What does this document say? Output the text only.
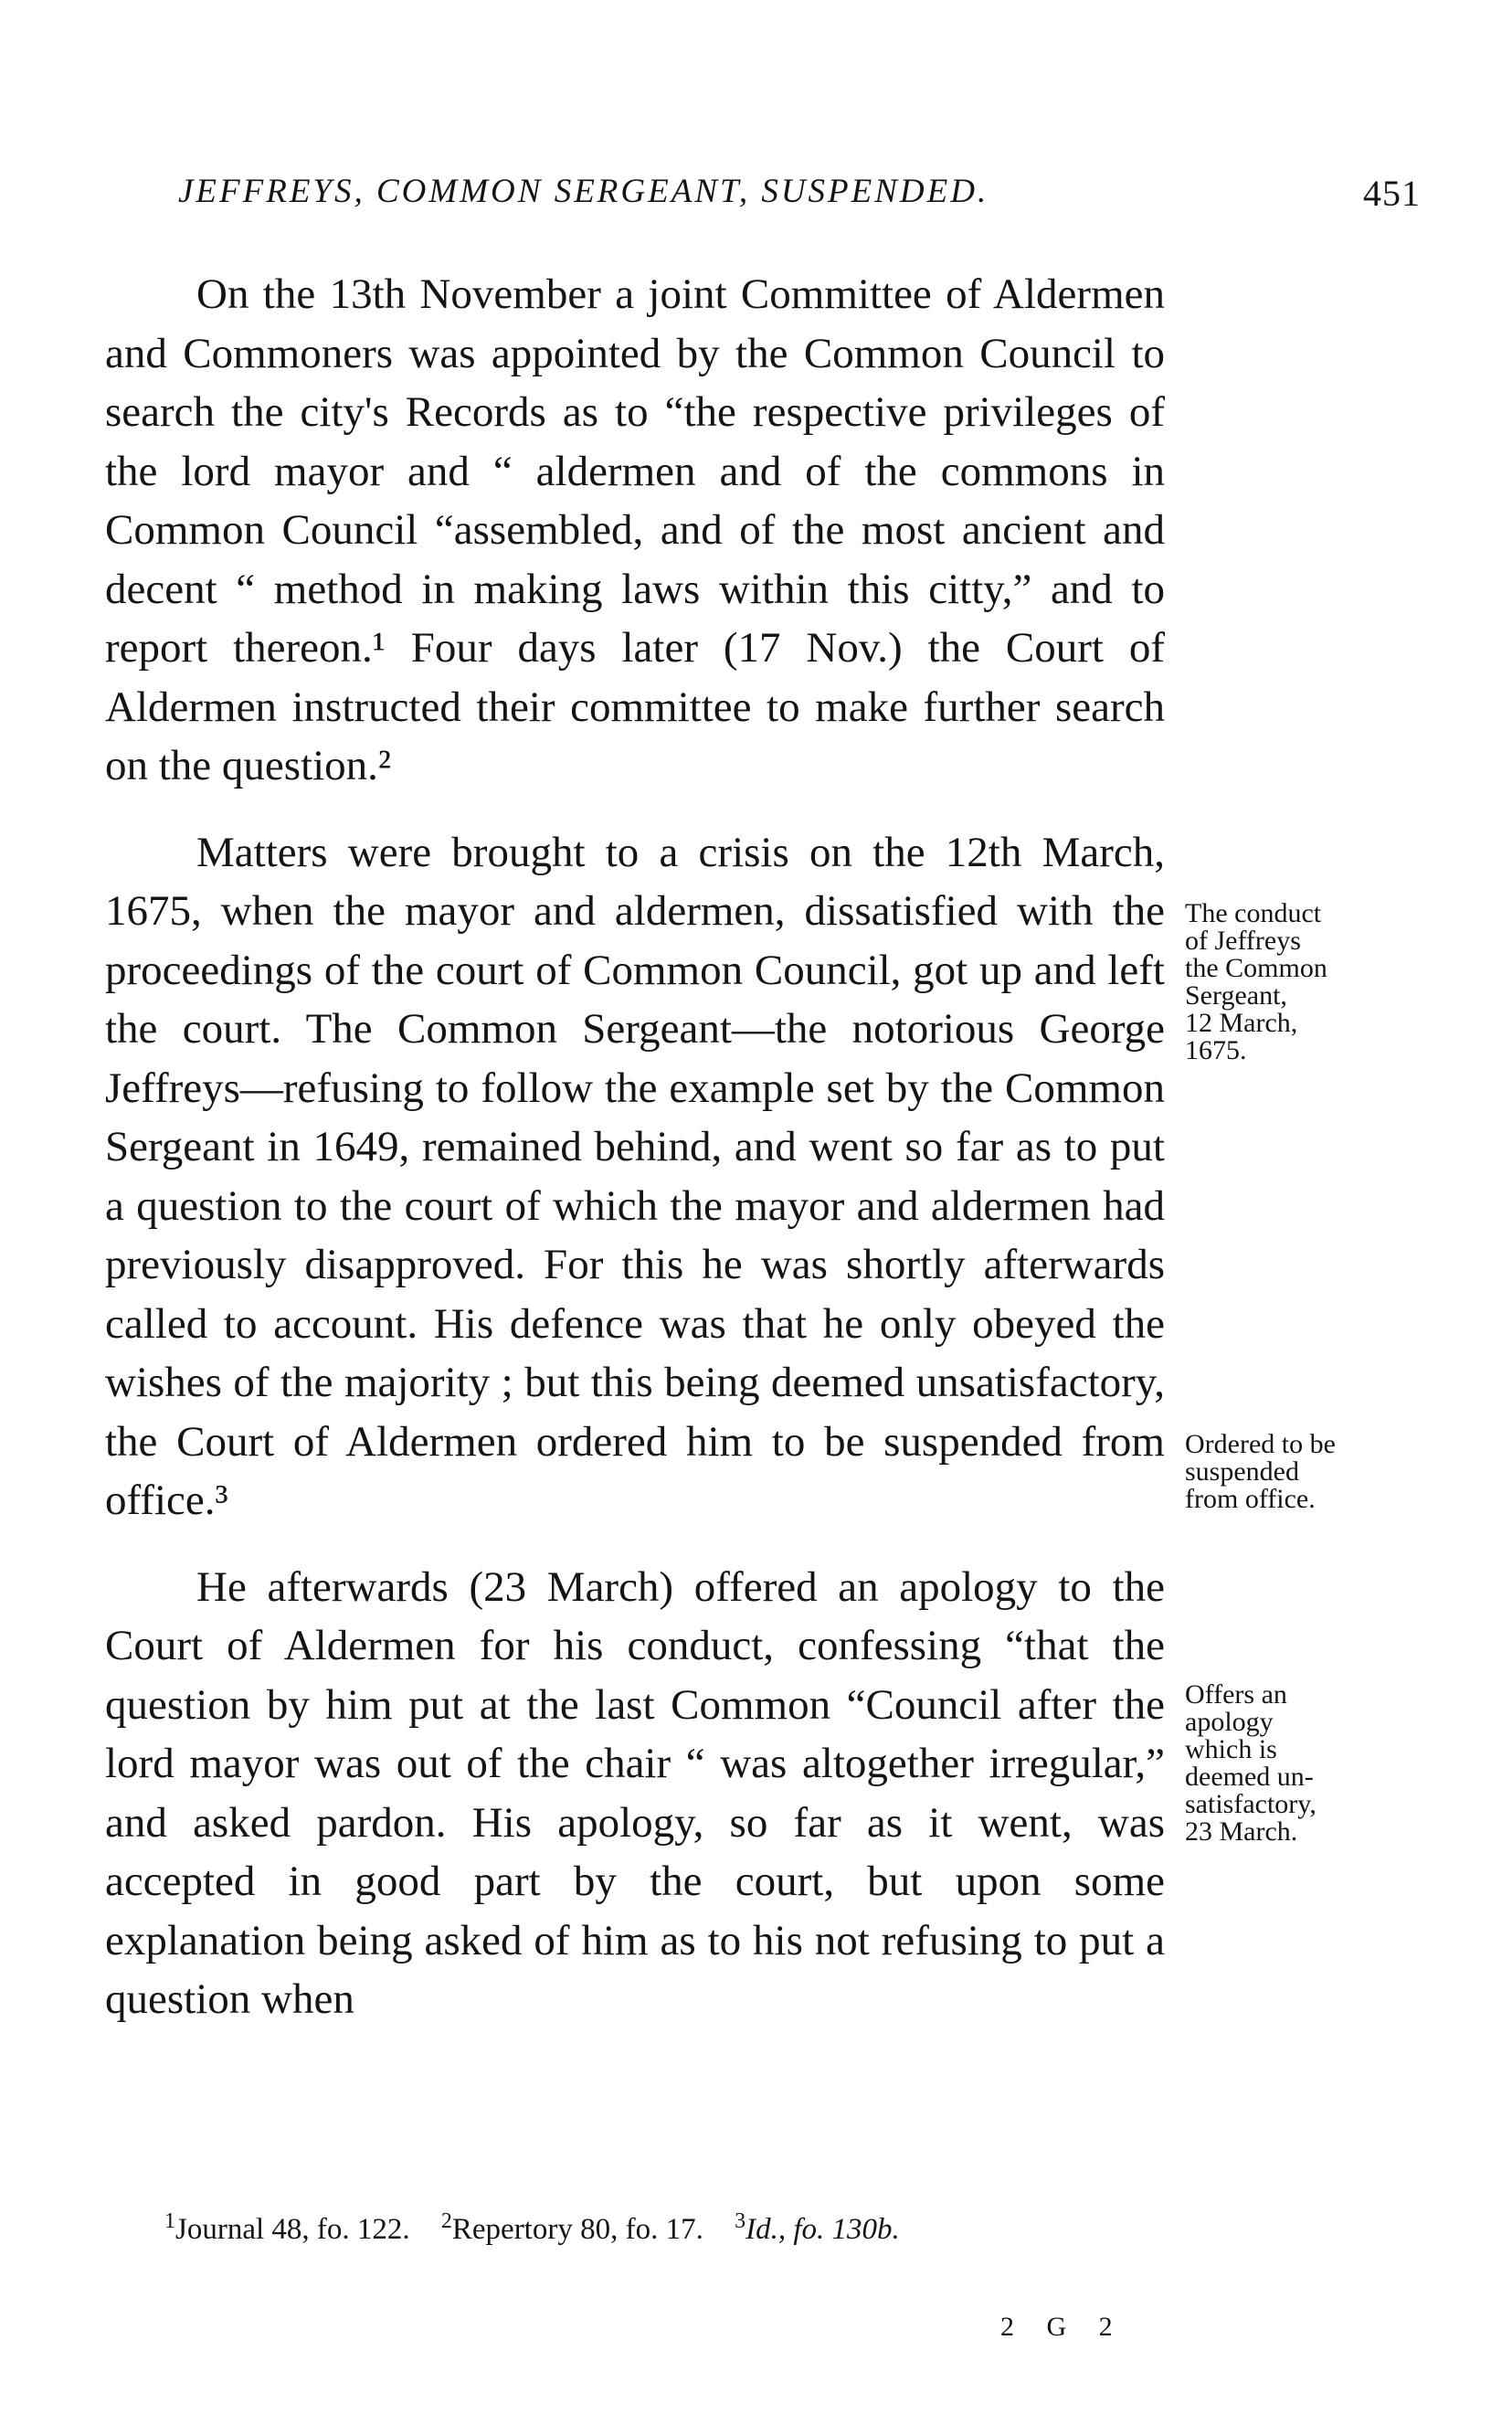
JEFFREYS, COMMON SERGEANT, SUSPENDED.	451

On the 13th November a joint Committee of Aldermen and Commoners was appointed by the Common Council to search the city's Records as to “the respective privileges of the lord mayor and “ aldermen and of the commons in Common Council “assembled, and of the most ancient and decent “ method in making laws within this citty,” and to report thereon.¹ Four days later (17 Nov.) the Court of Aldermen instructed their committee to make further search on the question.²

Matters were brought to a crisis on the 12th March, 1675, when the mayor and aldermen, dissatisfied with the proceedings of the court of Common Council, got up and left the court. The Common Sergeant—the notorious George Jeffreys—refusing to follow the example set by the Common Sergeant in 1649, remained behind, and went so far as to put a question to the court of which the mayor and aldermen had previously disapproved. For this he was shortly afterwards called to account. His defence was that he only obeyed the wishes of the majority ; but this being deemed unsatisfactory, the Court of Aldermen ordered him to be suspended from office.³

He afterwards (23 March) offered an apology to the Court of Aldermen for his conduct, confessing “that the question by him put at the last Common “Council after the lord mayor was out of the chair “ was altogether irregular,” and asked pardon. His apology, so far as it went, was accepted in good part by the court, but upon some explanation being asked of him as to his not refusing to put a question when

The conduct
of Jeffreys
the Common
Sergeant,
12 March,
1675.
Ordered to be
suspended
from office.
Offers an
apology
which is
deemed un-
satisfactory,
23 March.
$^1$Journal 48, fo. 122. $^2$Repertory 80, fo. 17. $^3$Id., fo. 130b.
2 G 2
